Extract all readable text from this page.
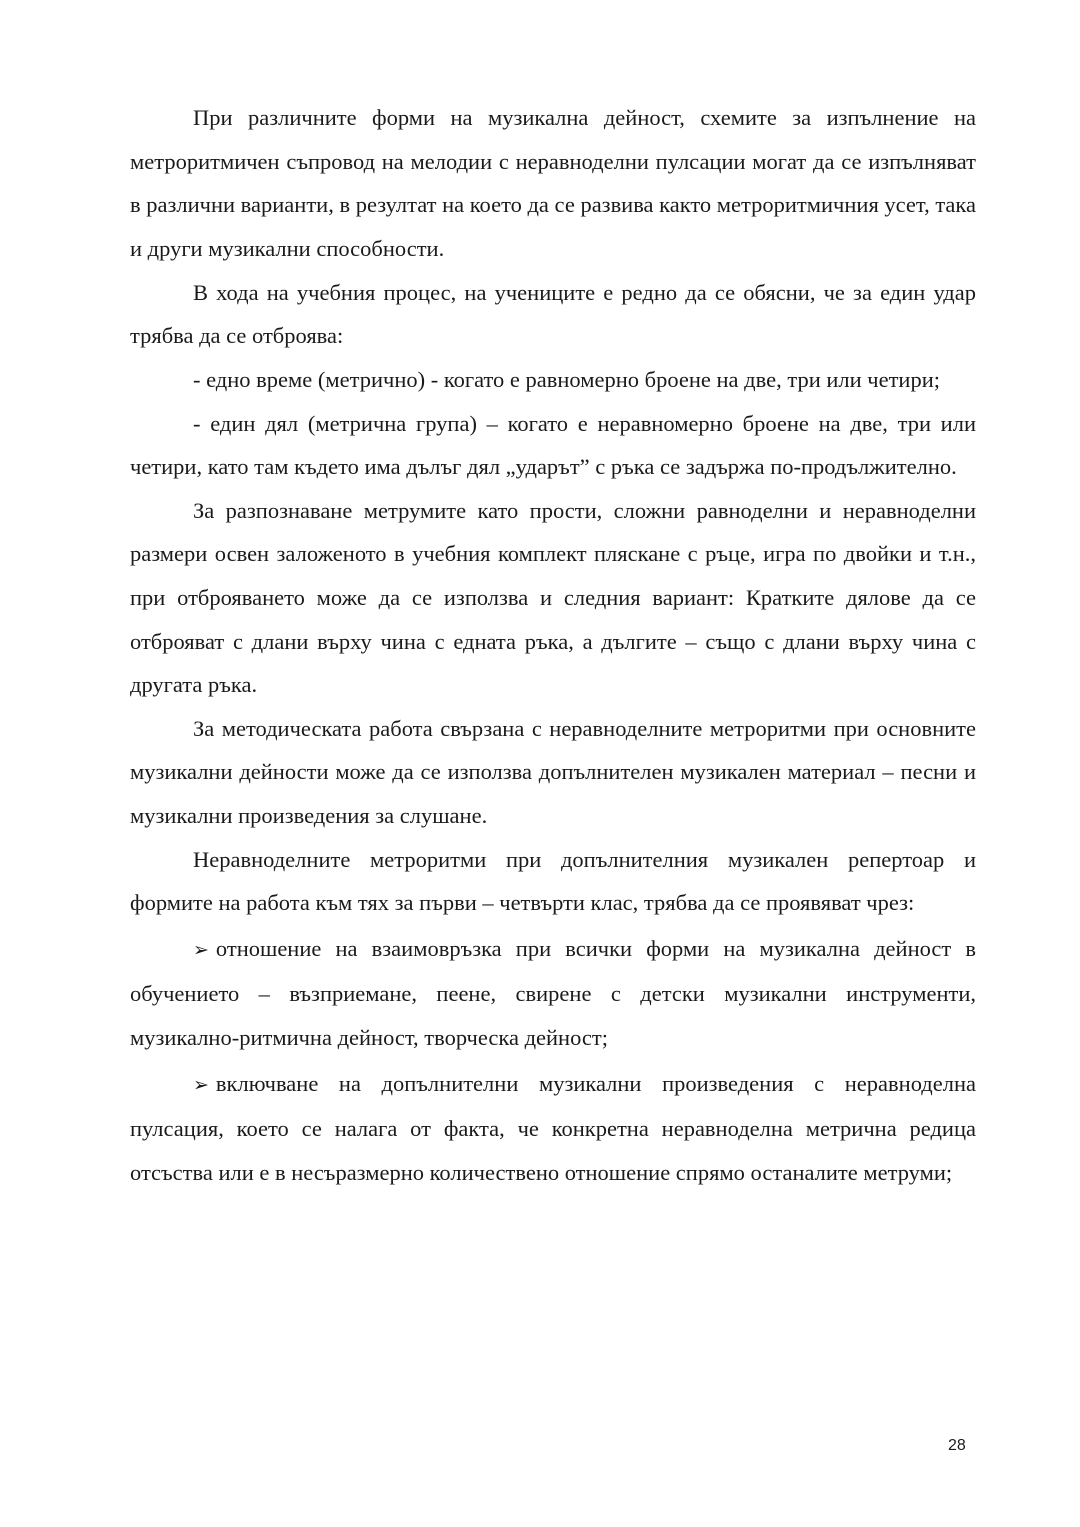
При различните форми на музикална дейност, схемите за изпълнение на метроритмичен съпровод на мелодии с неравноделни пулсации могат да се изпълняват в различни варианти, в резултат на което да се развива както метроритмичния усет, така и други музикални способности.

В хода на учебния процес, на учениците е редно да се обясни, че за един удар трябва да се отброява:

- едно време (метрично) - когато е равномерно броене на две, три или четири;

- един дял (метрична група) – когато е неравномерно броене на две, три или четири, като там където има дълъг дял „ударът” с ръка се задържа по-продължително.

За разпознаване метрумите като прости, сложни равноделни и неравноделни размери освен заложеното в учебния комплект пляскане с ръце, игра по двойки и т.н., при отброяването може да се използва и следния вариант: Кратките дялове да се отброяват с длани върху чина с едната ръка, а дългите – също с длани върху чина с другата ръка.

За методическата работа свързана с неравноделните метроритми при основните музикални дейности може да се използва допълнителен музикален материал – песни и музикални произведения за слушане.

Неравноделните метроритми при допълнителния музикален репертоар и формите на работа към тях за първи – четвърти клас, трябва да се проявяват чрез:

➢ отношение на взаимовръзка при всички форми на музикална дейност в обучението – възприемане, пеене, свирене с детски музикални инструменти, музикално-ритмична дейност, творческа дейност;

➢ включване на допълнителни музикални произведения с неравноделна пулсация, което се налага от факта, че конкретна неравноделна метрична редица отсъства или е в несъразмерно количествено отношение спрямо останалите метруми;

28
